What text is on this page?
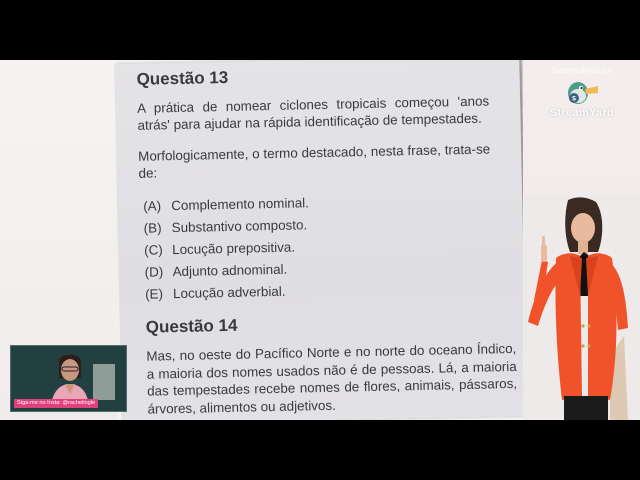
Questão 13
A prática de nomear ciclones tropicais começou 'anos atrás' para ajudar na rápida identificação de tempestades.
Morfologicamente, o termo destacado, nesta frase, trata-se de:
(A) Complemento nominal.
(B) Substantivo composto.
(C) Locução prepositiva.
(D) Adjunto adnominal.
(E) Locução adverbial.
Questão 14
Mas, no oeste do Pacífico Norte e no norte do oceano Índico, a maioria dos nomes usados não é de pessoas. Lá, a maioria das tempestades recebe nomes de flores, animais, pássaros, árvores, alimentos ou adjetivos.
Desenvolvido por
S
StreamYard
Siga-me no Insta: @rachelingle
